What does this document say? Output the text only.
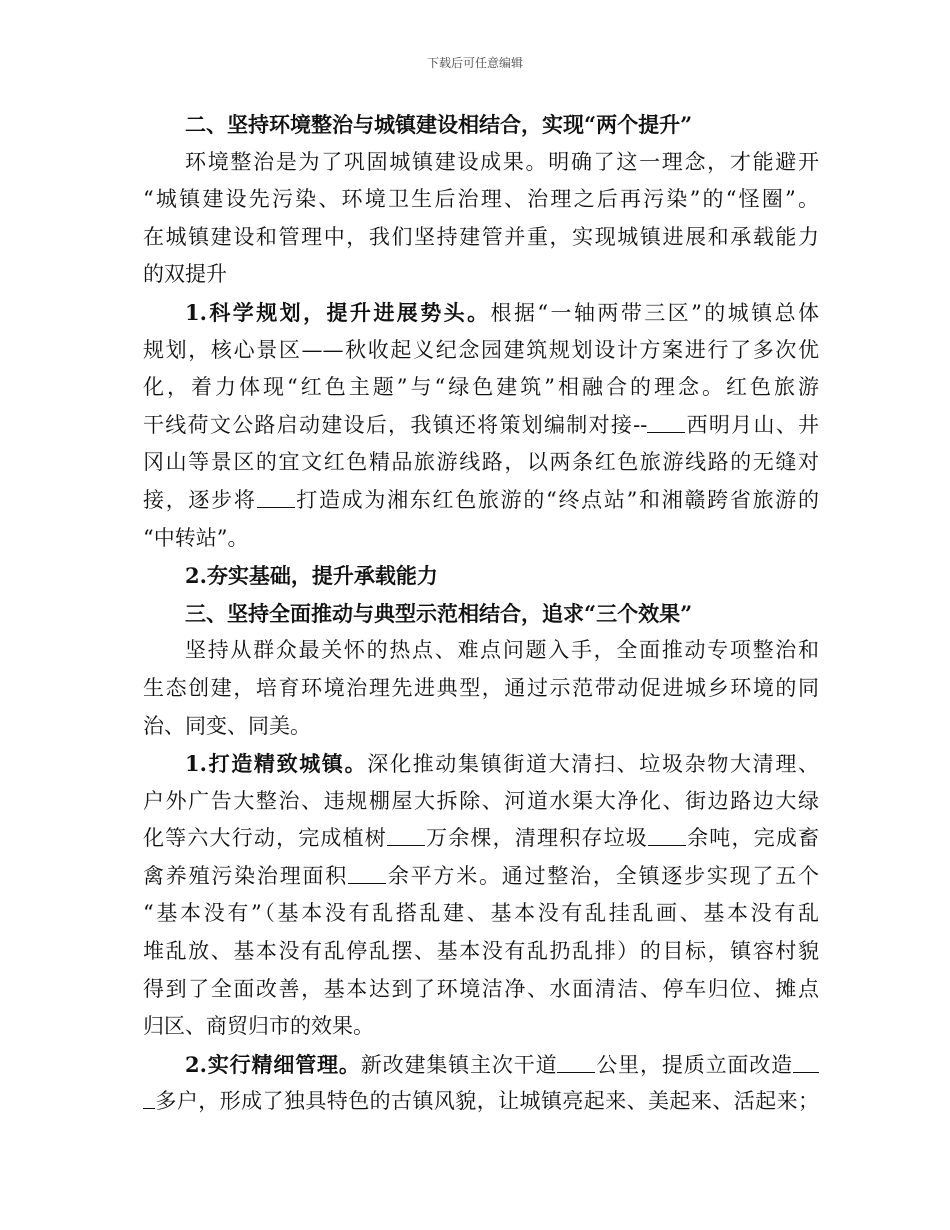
下载后可任意编辑
二、坚持环境整治与城镇建设相结合，实现“两个提升”
环境整治是为了巩固城镇建设成果。明确了这一理念，才能避开
“城镇建设先污染、环境卫生后治理、治理之后再污染”的“怪圈”。
在城镇建设和管理中，我们坚持建管并重，实现城镇进展和承载能力
的双提升
1.科学规划，提升进展势头。根据“一轴两带三区”的城镇总体
规划，核心景区——秋收起义纪念园建筑规划设计方案进行了多次优
化，着力体现“红色主题”与“绿色建筑”相融合的理念。红色旅游
干线荷文公路启动建设后，我镇还将策划编制对接-- 西明月山、井
冈山等景区的宜文红色精品旅游线路，以两条红色旅游线路的无缝对
接，逐步将 打造成为湘东红色旅游的“终点站”和湘赣跨省旅游的
“中转站”。
2.夯实基础，提升承载能力
三、坚持全面推动与典型示范相结合，追求“三个效果”
坚持从群众最关怀的热点、难点问题入手，全面推动专项整治和
生态创建，培育环境治理先进典型，通过示范带动促进城乡环境的同
治、同变、同美。
1.打造精致城镇。深化推动集镇街道大清扫、垃圾杂物大清理、
户外广告大整治、违规棚屋大拆除、河道水渠大净化、街边路边大绿
化等六大行动，完成植树 万余棵，清理积存垃圾 余吨，完成畜
禽养殖污染治理面积 余平方米。通过整治，全镇逐步实现了五个
“基本没有”（基本没有乱搭乱建、基本没有乱挂乱画、基本没有乱
堆乱放、基本没有乱停乱摆、基本没有乱扔乱排）的目标，镇容村貌
得到了全面改善，基本达到了环境洁净、水面清洁、停车归位、摊点
归区、商贸归市的效果。
2.实行精细管理。新改建集镇主次干道 公里，提质立面改造
多户，形成了独具特色的古镇风貌，让城镇亮起来、美起来、活起来；
